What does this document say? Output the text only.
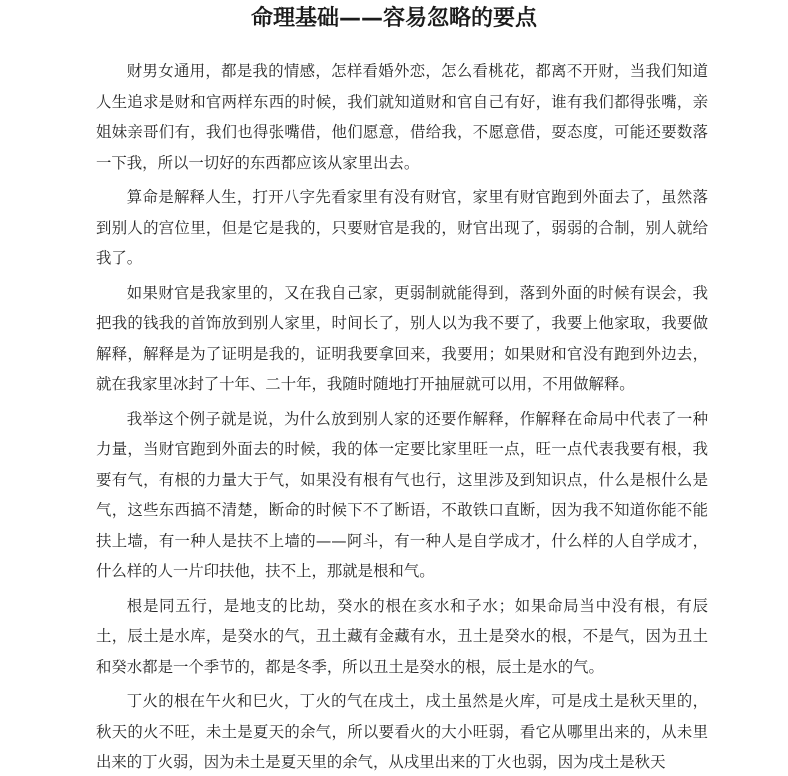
命理基础——容易忽略的要点

财男女通用，都是我的情感，怎样看婚外恋，怎么看桃花，都离不开财，当我们知道人生追求是财和官两样东西的时候，我们就知道财和官自己有好，谁有我们都得张嘴，亲姐妹亲哥们有，我们也得张嘴借，他们愿意，借给我，不愿意借，耍态度，可能还要数落一下我，所以一切好的东西都应该从家里出去。

算命是解释人生，打开八字先看家里有没有财官，家里有财官跑到外面去了，虽然落到别人的宫位里，但是它是我的，只要财官是我的，财官出现了，弱弱的合制，别人就给我了。

如果财官是我家里的，又在我自己家，更弱制就能得到，落到外面的时候有误会，我把我的钱我的首饰放到别人家里，时间长了，别人以为我不要了，我要上他家取，我要做解释，解释是为了证明是我的，证明我要拿回来，我要用；如果财和官没有跑到外边去，就在我家里冰封了十年、二十年，我随时随地打开抽屉就可以用，不用做解释。

我举这个例子就是说，为什么放到别人家的还要作解释，作解释在命局中代表了一种力量，当财官跑到外面去的时候，我的体一定要比家里旺一点，旺一点代表我要有根，我要有气，有根的力量大于气，如果没有根有气也行，这里涉及到知识点，什么是根什么是气，这些东西搞不清楚，断命的时候下不了断语，不敢铁口直断，因为我不知道你能不能扶上墙，有一种人是扶不上墙的——阿斗，有一种人是自学成才，什么样的人自学成才，什么样的人一片印扶他，扶不上，那就是根和气。

根是同五行，是地支的比劫，癸水的根在亥水和子水；如果命局当中没有根，有辰土，辰土是水库，是癸水的气，丑土藏有金藏有水，丑土是癸水的根，不是气，因为丑土和癸水都是一个季节的，都是冬季，所以丑土是癸水的根，辰土是水的气。

丁火的根在午火和巳火，丁火的气在戌土，戌土虽然是火库，可是戌土是秋天里的，秋天的火不旺，未土是夏天的余气，所以要看火的大小旺弱，看它从哪里出来的，从未里出来的丁火弱，因为未土是夏天里的余气，从戌里出来的丁火也弱，因为戌土是秋天
